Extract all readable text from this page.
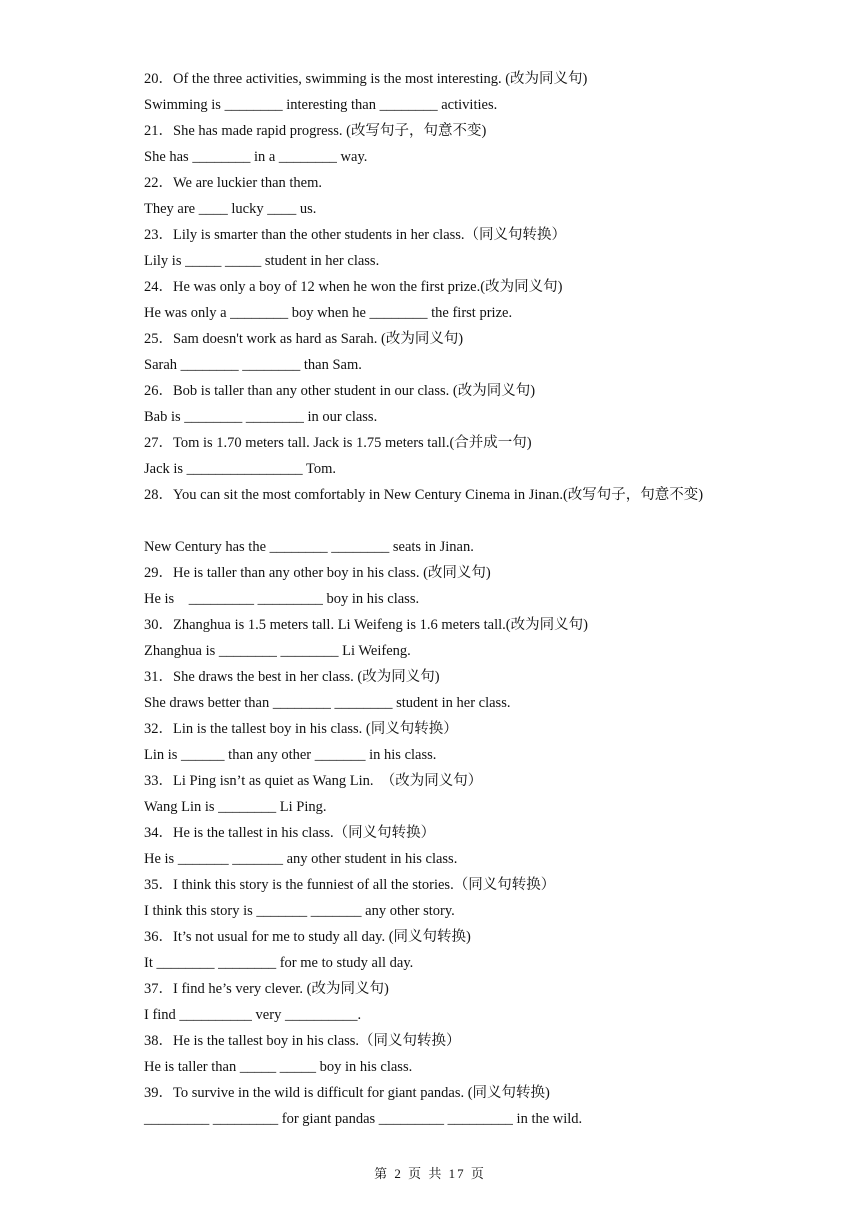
20．Of the three activities, swimming is the most interesting. (改为同义句)
Swimming is ________ interesting than ________ activities.
21．She has made rapid progress. (改写句子，句意不变)
She has ________ in a ________ way.
22．We are luckier than them.
They are ____ lucky ____ us.
23．Lily is smarter than the other students in her class.（同义句转换）
Lily is _____ _____ student in her class.
24．He was only a boy of 12 when he won the first prize.(改为同义句)
He was only a ________ boy when he ________ the first prize.
25．Sam doesn't work as hard as Sarah. (改为同义句)
Sarah ________ ________ than Sam.
26．Bob is taller than any other student in our class. (改为同义句)
Bab is ________ ________ in our class.
27．Tom is 1.70 meters tall. Jack is 1.75 meters tall.(合并成一句)
Jack is ________________ Tom.
28．You can sit the most comfortably in New Century Cinema in Jinan.(改写句子，句意不变)
New Century has the ________ ________ seats in Jinan.
29．He is taller than any other boy in his class. (改同义句)
He is    _________ _________ boy in his class.
30．Zhanghua is 1.5 meters tall. Li Weifeng is 1.6 meters tall.(改为同义句)
Zhanghua is ________ ________ Li Weifeng.
31．She draws the best in her class. (改为同义句)
She draws better than ________ ________ student in her class.
32．Lin is the tallest boy in his class. (同义句转换）
Lin is ______ than any other _______ in his class.
33．Li Ping isn’t as quiet as Wang Lin.  （改为同义句）
Wang Lin is ________ Li Ping.
34．He is the tallest in his class.（同义句转换）
He is _______ _______ any other student in his class.
35．I think this story is the funniest of all the stories.（同义句转换）
I think this story is _______ _______ any other story.
36．It’s not usual for me to study all day. (同义句转换)
It ________ ________ for me to study all day.
37．I find he’s very clever. (改为同义句)
I find __________ very __________.
38．He is the tallest boy in his class.（同义句转换）
He is taller than _____ _____ boy in his class.
39．To survive in the wild is difficult for giant pandas. (同义句转换)
_________ _________ for giant pandas _________ _________ in the wild.
第 2 页 共 17 页
